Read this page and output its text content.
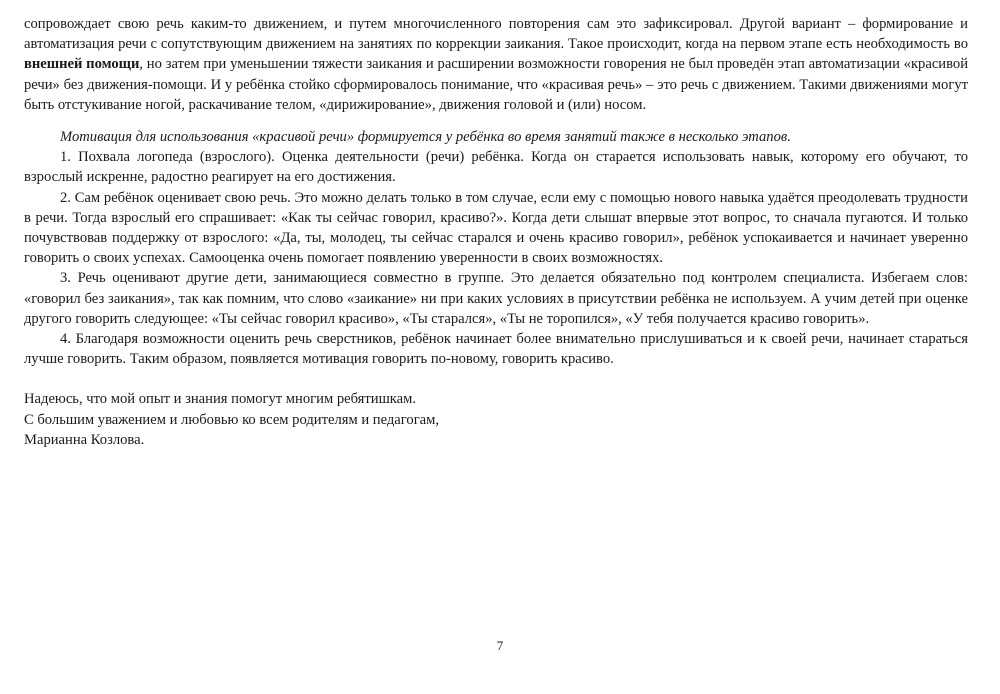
сопровождает свою речь каким-то движением, и путем многочисленного повторения сам это зафиксировал. Другой вариант – формирование и автоматизация речи с сопутствующим движением на занятиях по коррекции заикания. Такое происходит, когда на первом этапе есть необходимость во внешней помощи, но затем при уменьшении тяжести заикания и расширении возможности говорения не был проведён этап автоматизации «красивой речи» без движения-помощи. И у ребёнка стойко сформировалось понимание, что «красивая речь» – это речь с движением. Такими движениями могут быть отстукивание ногой, раскачивание телом, «дирижирование», движения головой и (или) носом.

Мотивация для использования «красивой речи» формируется у ребёнка во время занятий также в несколько этапов.

1. Похвала логопеда (взрослого). Оценка деятельности (речи) ребёнка. Когда он старается использовать навык, которому его обучают, то взрослый искренне, радостно реагирует на его достижения.

2. Сам ребёнок оценивает свою речь. Это можно делать только в том случае, если ему с помощью нового навыка удаётся преодолевать трудности в речи. Тогда взрослый его спрашивает: «Как ты сейчас говорил, красиво?». Когда дети слышат впервые этот вопрос, то сначала пугаются. И только почувствовав поддержку от взрослого: «Да, ты, молодец, ты сейчас старался и очень красиво говорил», ребёнок успокаивается и начинает уверенно говорить о своих успехах. Самооценка очень помогает появлению уверенности в своих возможностях.

3. Речь оценивают другие дети, занимающиеся совместно в группе. Это делается обязательно под контролем специалиста. Избегаем слов: «говорил без заикания», так как помним, что слово «заикание» ни при каких условиях в присутствии ребёнка не используем. А учим детей при оценке другого говорить следующее: «Ты сейчас говорил красиво», «Ты старался», «Ты не торопился», «У тебя получается красиво говорить».

4. Благодаря возможности оценить речь сверстников, ребёнок начинает более внимательно прислушиваться и к своей речи, начинает стараться лучше говорить. Таким образом, появляется мотивация говорить по-новому, говорить красиво.

Надеюсь, что мой опыт и знания помогут многим ребятишкам.

С большим уважением и любовью ко всем родителям и педагогам,

Марианна Козлова.

7
